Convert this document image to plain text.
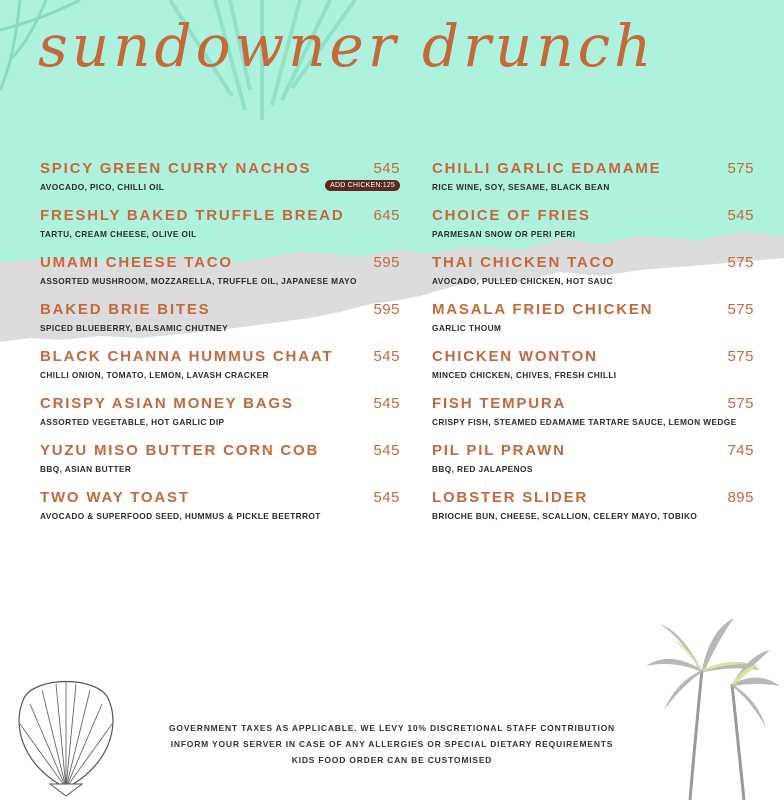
sundowner drunch
SPICY GREEN CURRY NACHOS	545
AVOCADO, PICO, CHILLI OIL	ADD CHICKEN:125
FRESHLY BAKED TRUFFLE BREAD 645
TARTU, CREAM CHEESE, OLIVE OIL
UMAMI CHEESE TACO	595
ASSORTED MUSHROOM, MOZZARELLA, TRUFFLE OIL, JAPANESE MAYO
BAKED BRIE BITES	595
SPICED BLUEBERRY, BALSAMIC CHUTNEY
BLACK CHANNA HUMMUS CHAAT	545
CHILLI ONION, TOMATO, LEMON, LAVASH CRACKER
CRISPY ASIAN MONEY BAGS	545
ASSORTED VEGETABLE, HOT GARLIC DIP
YUZU MISO BUTTER CORN COB	545
BBQ, ASIAN BUTTER
TWO WAY TOAST	545
AVOCADO & SUPERFOOD SEED, HUMMUS & PICKLE BEETRROT
CHILLI GARLIC EDAMAME	575
RICE WINE, SOY, SESAME, BLACK BEAN
CHOICE OF FRIES	545
PARMESAN SNOW OR PERI PERI
THAI CHICKEN TACO	575
AVOCADO, PULLED CHICKEN, HOT SAUC
MASALA FRIED CHICKEN	575
GARLIC THOUM
CHICKEN WONTON	575
MINCED CHICKEN, CHIVES, FRESH CHILLI
FISH TEMPURA	575
CRISPY FISH, STEAMED EDAMAME TARTARE SAUCE, LEMON WEDGE
PIL PIL PRAWN	745
BBQ, RED JALAPENOS
LOBSTER SLIDER	895
BRIOCHE BUN, CHEESE, SCALLION, CELERY MAYO, TOBIKO
GOVERNMENT TAXES AS APPLICABLE. WE LEVY 10% DISCRETIONAL STAFF CONTRIBUTION
INFORM YOUR SERVER IN CASE OF ANY ALLERGIES OR SPECIAL DIETARY REQUIREMENTS
KIDS FOOD ORDER CAN BE CUSTOMISED
